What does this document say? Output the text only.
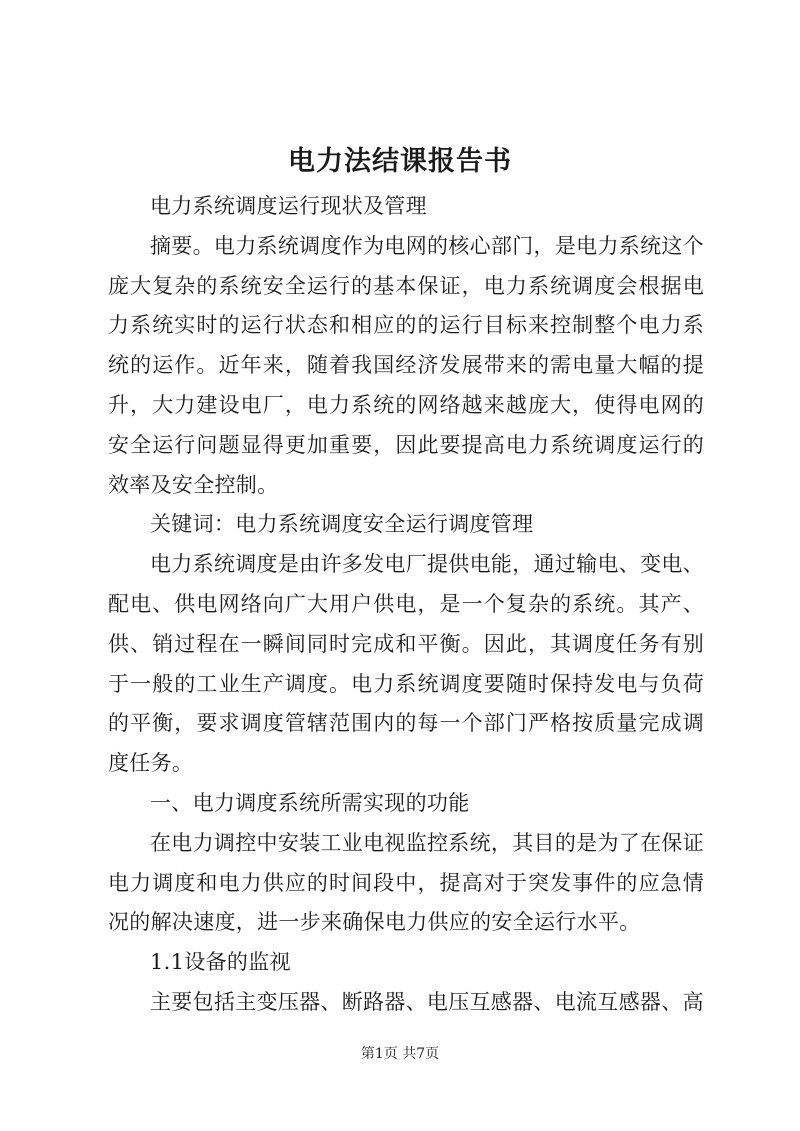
电力法结课报告书

电力系统调度运行现状及管理

摘要。电力系统调度作为电网的核心部门，是电力系统这个庞大复杂的系统安全运行的基本保证，电力系统调度会根据电力系统实时的运行状态和相应的的运行目标来控制整个电力系统的运作。近年来，随着我国经济发展带来的需电量大幅的提升，大力建设电厂，电力系统的网络越来越庞大，使得电网的安全运行问题显得更加重要，因此要提高电力系统调度运行的效率及安全控制。

关键词：电力系统调度安全运行调度管理

电力系统调度是由许多发电厂提供电能，通过输电、变电、配电、供电网络向广大用户供电，是一个复杂的系统。其产、供、销过程在一瞬间同时完成和平衡。因此，其调度任务有别于一般的工业生产调度。电力系统调度要随时保持发电与负荷的平衡，要求调度管辖范围内的每一个部门严格按质量完成调度任务。

一、电力调度系统所需实现的功能

在电力调控中安装工业电视监控系统，其目的是为了在保证电力调度和电力供应的时间段中，提高对于突发事件的应急情况的解决速度，进一步来确保电力供应的安全运行水平。

1.1设备的监视

主要包括主变压器、断路器、电压互感器、电流互感器、高

第1页 共7页
